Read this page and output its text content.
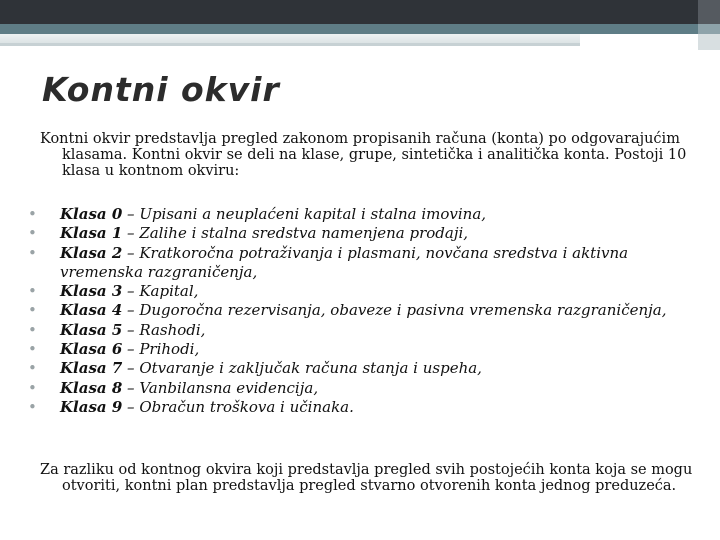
Kontni okvir

Kontni okvir predstavlja pregled zakonom propisanih računa (konta) po odgovarajućim klasama. Kontni okvir se deli na klase, grupe, sintetička i analitička konta. Postoji 10 klasa u kontnom okviru:

• Klasa 0 – Upisani a neuplaćeni kapital i stalna imovina,
• Klasa 1 – Zalihe i stalna sredstva namenjena prodaji,
• Klasa 2 – Kratkoročna potraživanja i plasmani, novčana sredstva i aktivna vremenska razgraničenja,
• Klasa 3 – Kapital,
• Klasa 4 – Dugoročna rezervisanja, obaveze i pasivna vremenska razgraničenja,
• Klasa 5 – Rashodi,
• Klasa 6 – Prihodi,
• Klasa 7 – Otvaranje i zaključak računa stanja i uspeha,
• Klasa 8 – Vanbilansna evidencija,
• Klasa 9 – Obračun troškova i učinaka.

Za razliku od kontnog okvira koji predstavlja pregled svih postojećih konta koja se mogu otvoriti, kontni plan predstavlja pregled stvarno otvorenih konta jednog preduzeća.
